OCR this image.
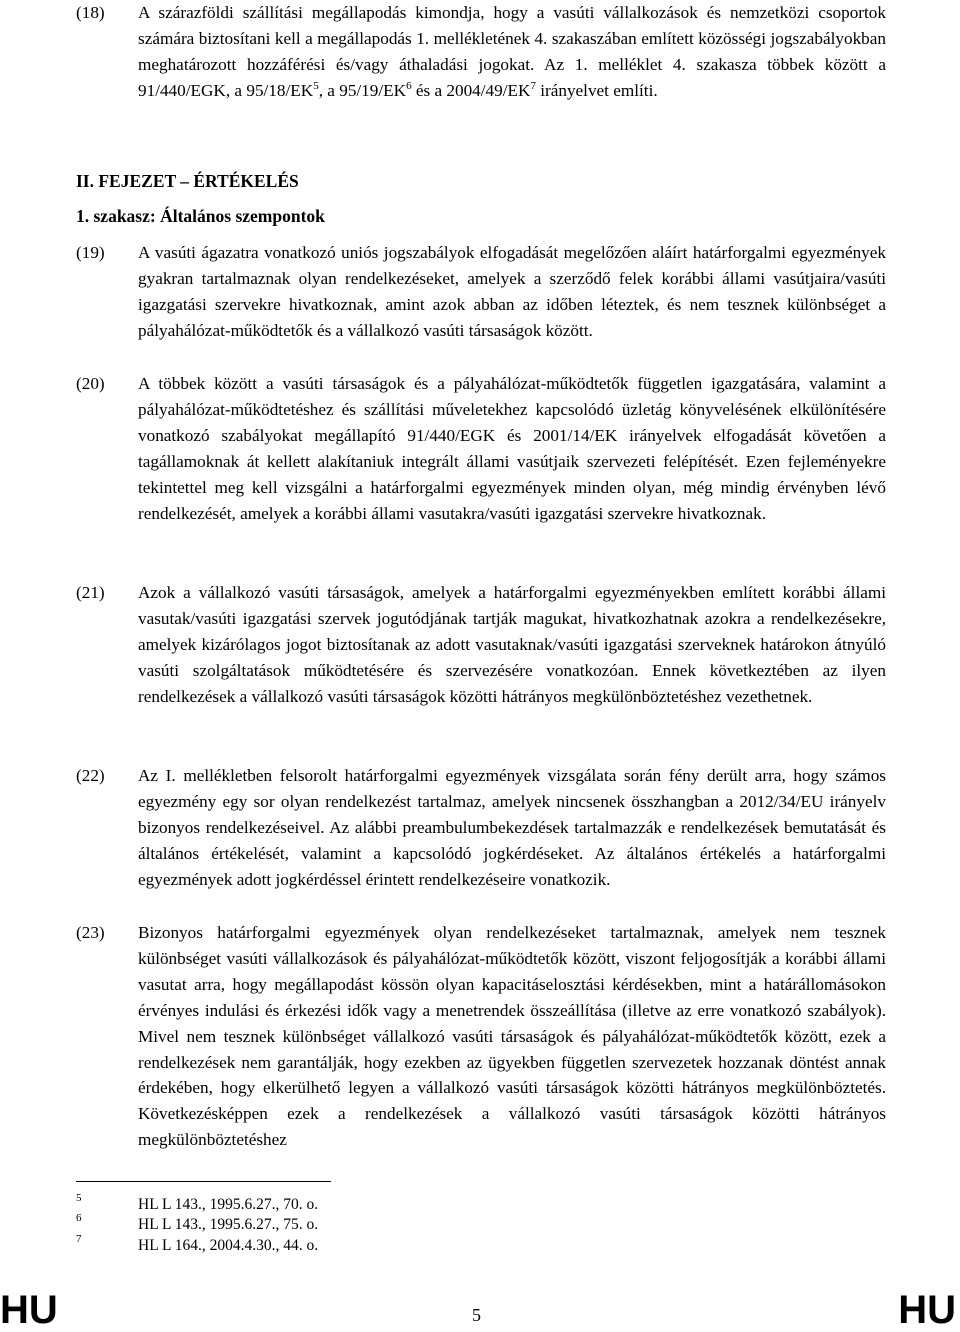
(18)	A szárazföldi szállítási megállapodás kimondja, hogy a vasúti vállalkozások és nemzetközi csoportok számára biztosítani kell a megállapodás 1. mellékletének 4. szakaszában említett közösségi jogszabályokban meghatározott hozzáférési és/vagy áthaladási jogokat. Az 1. melléklet 4. szakasza többek között a 91/440/EGK, a $95/18/EK^5$, a $95/19/EK^6$ és a $2004/49/EK^7$ irányelvet említi.
II. FEJEZET – ÉRTÉKELÉS
1. szakasz: Általános szempontok
(19)	A vasúti ágazatra vonatkozó uniós jogszabályok elfogadását megelőzően aláírt határforgalmi egyezmények gyakran tartalmaznak olyan rendelkezéseket, amelyek a szerződő felek korábbi állami vasútjaira/vasúti igazgatási szervekre hivatkoznak, amint azok abban az időben léteztek, és nem tesznek különbséget a pályahálózat-működtetők és a vállalkozó vasúti társaságok között.
(20)	A többek között a vasúti társaságok és a pályahálózat-működtetők független igazgatására, valamint a pályahálózat-működtetéshez és szállítási műveletekhez kapcsolódó üzletág könyvelésének elkülönítésére vonatkozó szabályokat megállapító 91/440/EGK és 2001/14/EK irányelvek elfogadását követően a tagállamoknak át kellett alakítaniuk integrált állami vasútjaik szervezeti felépítését. Ezen fejleményekre tekintettel meg kell vizsgálni a határforgalmi egyezmények minden olyan, még mindig érvényben lévő rendelkezését, amelyek a korábbi állami vasutakra/vasúti igazgatási szervekre hivatkoznak.
(21)	Azok a vállalkozó vasúti társaságok, amelyek a határforgalmi egyezményekben említett korábbi állami vasutak/vasúti igazgatási szervek jogutódjának tartják magukat, hivatkozhatnak azokra a rendelkezésekre, amelyek kizárólagos jogot biztosítanak az adott vasutaknak/vasúti igazgatási szerveknek határokon átnyúló vasúti szolgáltatások működtetésére és szervezésére vonatkozóan. Ennek következtében az ilyen rendelkezések a vállalkozó vasúti társaságok közötti hátrányos megkülönböztetéshez vezethetnek.
(22)	Az I. mellékletben felsorolt határforgalmi egyezmények vizsgálata során fény derült arra, hogy számos egyezmény egy sor olyan rendelkezést tartalmaz, amelyek nincsenek összhangban a 2012/34/EU irányelv bizonyos rendelkezéseivel. Az alábbi preambulumbekezdések tartalmazzák e rendelkezések bemutatását és általános értékelését, valamint a kapcsolódó jogkérdéseket. Az általános értékelés a határforgalmi egyezmények adott jogkérdéssel érintett rendelkezéseire vonatkozik.
(23)	Bizonyos határforgalmi egyezmények olyan rendelkezéseket tartalmaznak, amelyek nem tesznek különbséget vasúti vállalkozások és pályahálózat-működtetők között, viszont feljogosítják a korábbi állami vasutat arra, hogy megállapodást kössön olyan kapacitáselosztási kérdésekben, mint a határállomásokon érvényes indulási és érkezési idők vagy a menetrendek összeállítása (illetve az erre vonatkozó szabályok). Mivel nem tesznek különbséget vállalkozó vasúti társaságok és pályahálózat-működtetők között, ezek a rendelkezések nem garantálják, hogy ezekben az ügyekben független szervezetek hozzanak döntést annak érdekében, hogy elkerülhető legyen a vállalkozó vasúti társaságok közötti hátrányos megkülönböztetés. Következésképpen ezek a rendelkezések a vállalkozó vasúti társaságok közötti hátrányos megkülönböztetéshez
5	HL L 143., 1995.6.27., 70. o.
6	HL L 143., 1995.6.27., 75. o.
7	HL L 164., 2004.4.30., 44. o.
HU	5	HU
